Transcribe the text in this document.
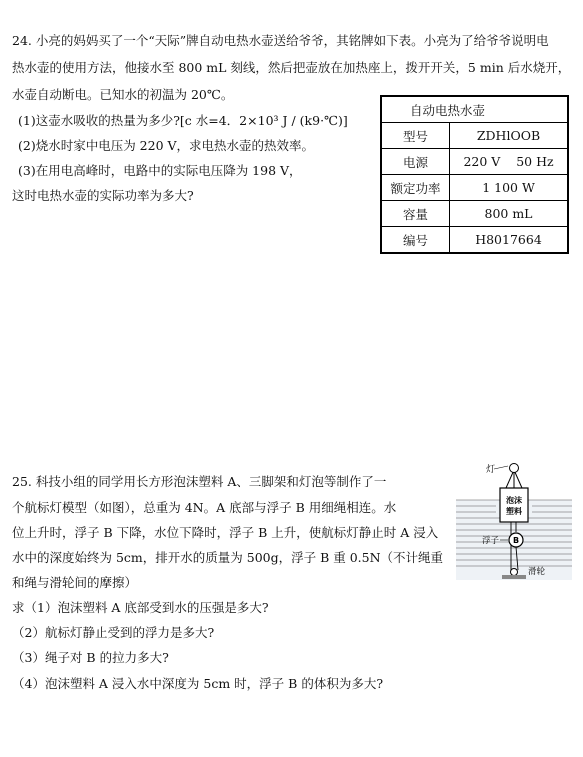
24. 小亮的妈妈买了一个“天际”牌自动电热水壶送给爷爷，其铭牌如下表。小亮为了给爷爷说明电
热水壶的使用方法，他接水至 800 mL 刻线，然后把壶放在加热座上，拨开开关，5 min 后水烧开，
水壶自动断电。已知水的初温为 20℃。
(1)这壶水吸收的热量为多少?[c 水=4．2×10³ J / (k9·℃)]
(2)烧水时家中电压为 220 V，求电热水壶的热效率。
(3)在用电高峰时，电路中的实际电压降为 198 V，
这时电热水壶的实际功率为多大?
自动电热水壶	
型号	ZDHlOOB
电源	220 V    50 Hz
额定功率	1 100 W
容量	800 mL
编号	H8017664
25. 科技小组的同学用长方形泡沫塑料 A、三脚架和灯泡等制作了一
个航标灯模型（如图），总重为 4N。A 底部与浮子 B 用细绳相连。水
位上升时，浮子 B 下降，水位下降时，浮子 B 上升，使航标灯静止时 A 浸入
水中的深度始终为 5cm，排开水的质量为 500g，浮子 B 重 0.5N（不计绳重
和绳与滑轮间的摩擦）
求（1）泡沫塑料 A 底部受到水的压强是多大?
（2）航标灯静止受到的浮力是多大?
（3）绳子对 B 的拉力多大?
（4）泡沫塑料 A 浸入水中深度为 5cm 时，浮子 B 的体积为多大?
灯
泡沫
塑料
B
浮子
滑轮
